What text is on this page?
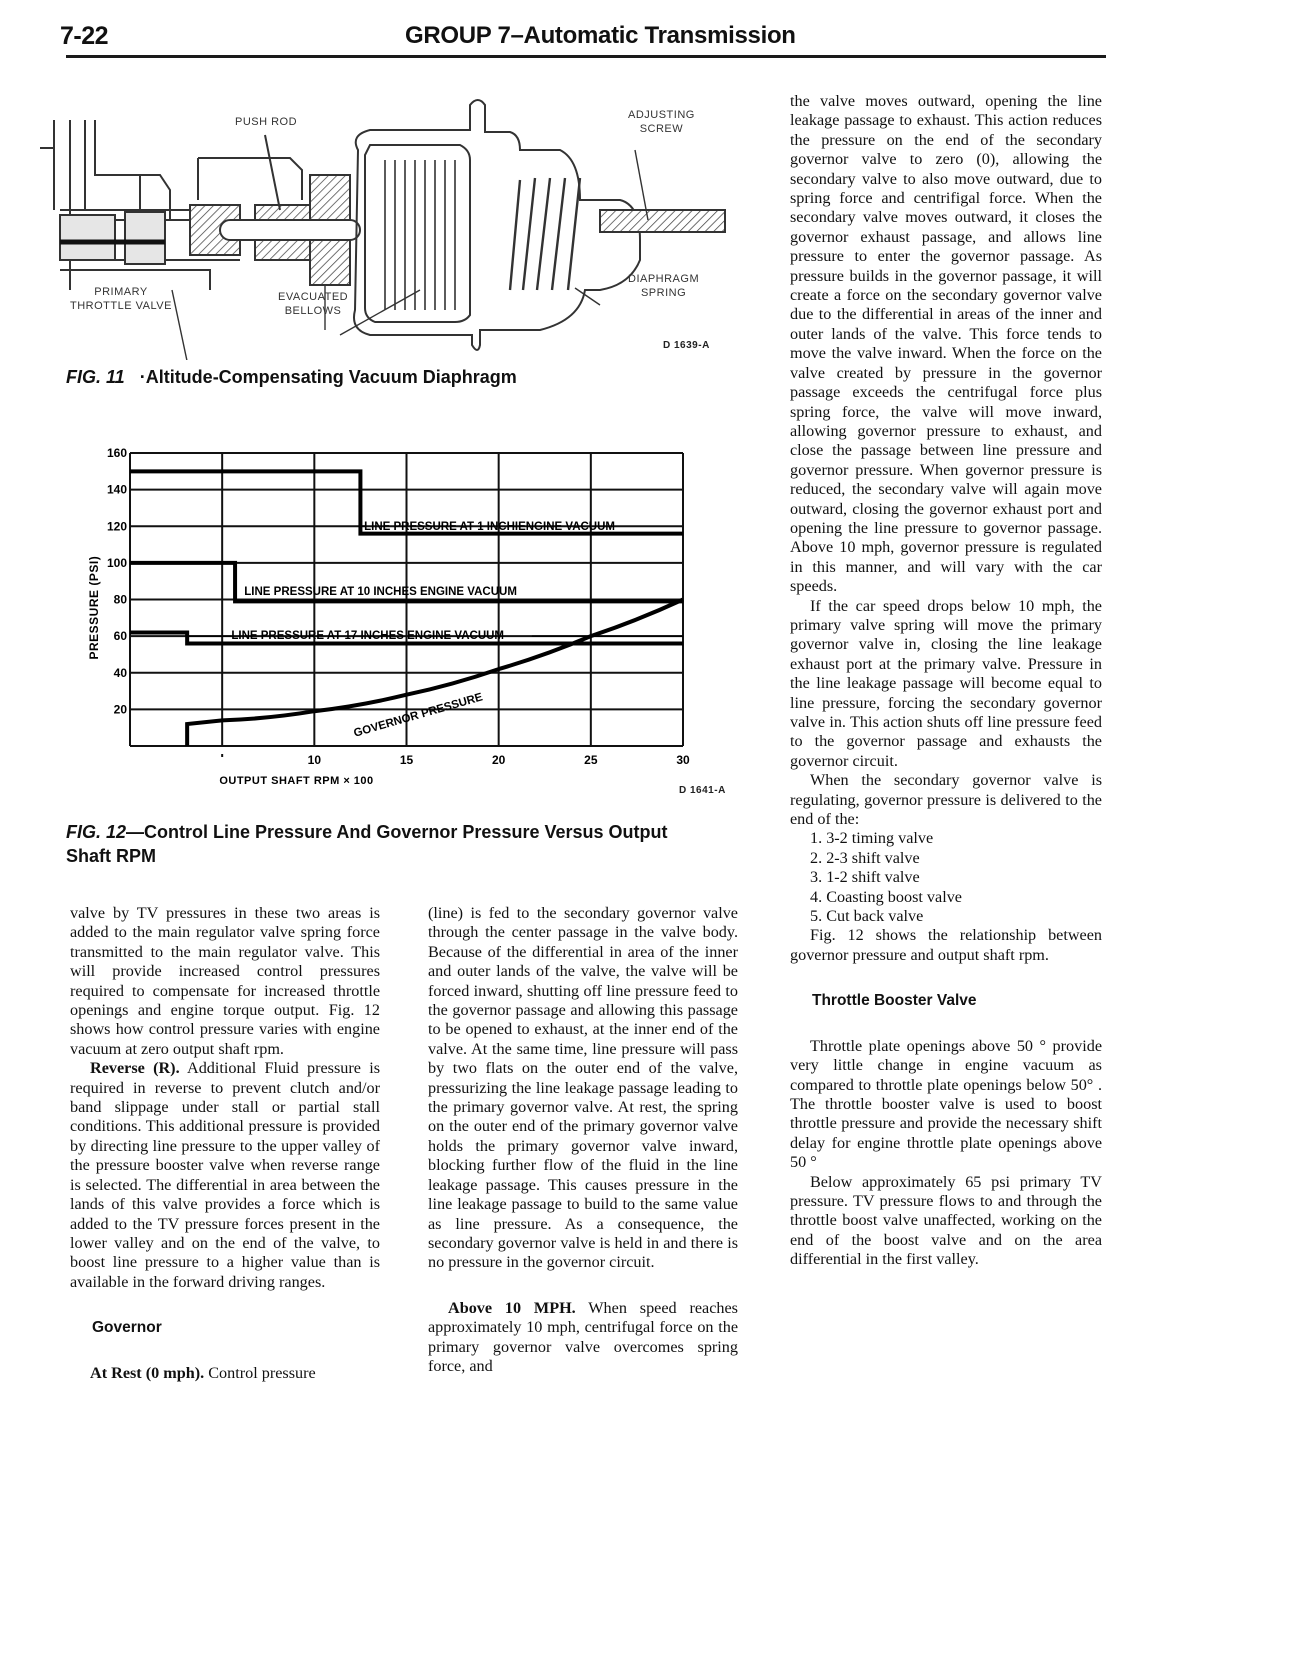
7-22	GROUP 7–Automatic Transmission
PUSH ROD
ADJUSTING
SCREW
PRIMARY
THROTTLE VALVE
EVACUATED
BELLOWS
DIAPHRAGM
SPRING
D 1639-A
FIG. 11 ·Altitude-Compensating Vacuum Diaphragm
160
140
120
100
80
60
40
20
10	15	20	25	30
OUTPUT SHAFT RPM × 100
PRESSURE (PSI)
LINE PRESSURE AT 1 INCHIENGINE VACUUM
LINE PRESSURE AT 10 INCHES ENGINE VACUUM
LINE PRESSURE AT 17 INCHES ENGINE VACUUM
GOVERNOR PRESSURE
D 1641-A
FIG. 12—Control Line Pressure And Governor Pressure Versus Output
Shaft RPM

valve by TV pressures in these two areas is added to the main regulator valve spring force transmitted to the main regulator valve. This will provide increased control pressures required to compensate for increased throttle openings and engine torque output. Fig. 12 shows how control pressure varies with engine vacuum at zero output shaft rpm.

Reverse (R). Additional Fluid pressure is required in reverse to prevent clutch and/or band slippage under stall or partial stall conditions. This additional pressure is provided by directing line pressure to the upper valley of the pressure booster valve when reverse range is selected. The differential in area between the lands of this valve provides a force which is added to the TV pressure forces present in the lower valley and on the end of the valve, to boost line pressure to a higher value than is available in the forward driving ranges.

Governor

At Rest (0 mph). Control pressure

(line) is fed to the secondary governor valve through the center passage in the valve body. Because of the differential in area of the inner and outer lands of the valve, the valve will be forced inward, shutting off line pressure feed to the governor passage and allowing this passage to be opened to exhaust, at the inner end of the valve. At the same time, line pressure will pass by two flats on the outer end of the valve, pressurizing the line leakage passage leading to the primary governor valve. At rest, the spring on the outer end of the primary governor valve holds the primary governor valve inward, blocking further flow of the fluid in the line leakage passage. This causes pressure in the line leakage passage to build to the same value as line pressure. As a consequence, the secondary governor valve is held in and there is no pressure in the governor circuit.

Above 10 MPH. When speed reaches approximately 10 mph, centrifugal force on the primary governor valve overcomes spring force, and

the valve moves outward, opening the line leakage passage to exhaust. This action reduces the pressure on the end of the secondary governor valve to zero (0), allowing the secondary valve to also move outward, due to spring force and centrifigal force. When the secondary valve moves outward, it closes the governor exhaust passage, and allows line pressure to enter the governor passage. As pressure builds in the governor passage, it will create a force on the secondary governor valve due to the differential in areas of the inner and outer lands of the valve. This force tends to move the valve inward. When the force on the valve created by pressure in the governor passage exceeds the centrifugal force plus spring force, the valve will move inward, allowing governor pressure to exhaust, and close the passage between line pressure and governor pressure. When governor pressure is reduced, the secondary valve will again move outward, closing the governor exhaust port and opening the line pressure to governor passage. Above 10 mph, governor pressure is regulated in this manner, and will vary with the car speeds.

If the car speed drops below 10 mph, the primary valve spring will move the primary governor valve in, closing the line leakage exhaust port at the primary valve. Pressure in the line leakage passage will become equal to line pressure, forcing the secondary governor valve in. This action shuts off line pressure feed to the governor passage and exhausts the governor circuit.

When the secondary governor valve is regulating, governor pressure is delivered to the end of the:

1. 3-2 timing valve
2. 2-3 shift valve
3. 1-2 shift valve
4. Coasting boost valve
5. Cut back valve

Fig. 12 shows the relationship between governor pressure and output shaft rpm.

Throttle Booster Valve

Throttle plate openings above 50 ° provide very little change in engine vacuum as compared to throttle plate openings below 50° . The throttle booster valve is used to boost throttle pressure and provide the necessary shift delay for engine throttle plate openings above 50 °

Below approximately 65 psi primary TV pressure. TV pressure flows to and through the throttle boost valve unaffected, working on the end of the boost valve and on the area differential in the first valley.
